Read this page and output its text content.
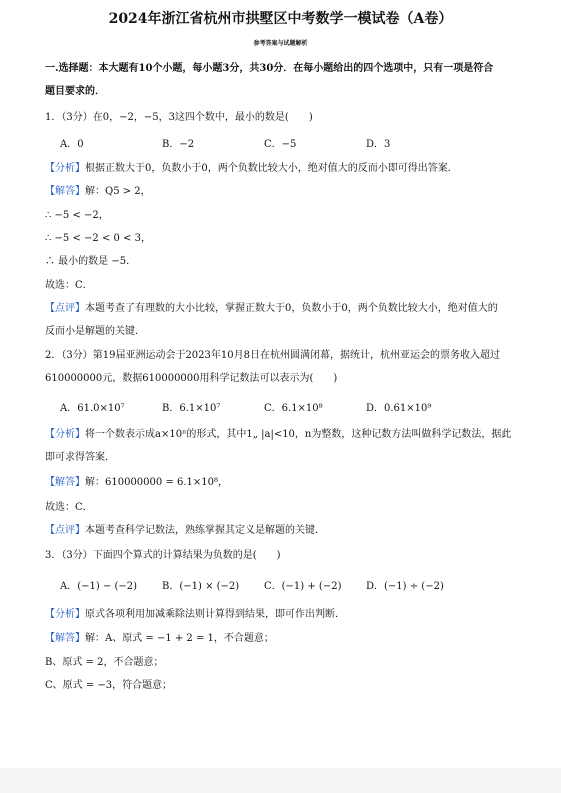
2024年浙江省杭州市拱墅区中考数学一模试卷（A卷）
参考答案与试题解析
一.选择题：本大题有10个小题，每小题3分，共30分．在每小题给出的四个选项中，只有一项是符合
题目要求的．
1．（3分）在0，−2，−5，3这四个数中，最小的数是(　　)
A．0	B．−2	C．−5	D．3
【分析】根据正数大于0，负数小于0，两个负数比较大小，绝对值大的反而小即可得出答案．
【解答】解：Q5 > 2，
∴ −5 < −2，
∴ −5 < −2 < 0 < 3，
∴ 最小的数是 −5．
故选：C．
【点评】本题考查了有理数的大小比较，掌握正数大于0，负数小于0，两个负数比较大小，绝对值大的
反而小是解题的关键．
2．（3分）第19届亚洲运动会于2023年10月8日在杭州圆满闭幕，据统计，杭州亚运会的票务收入超过
610000000元，数据610000000用科学记数法可以表示为(　　)
A．61.0×10⁷	B．6.1×10⁷	C．6.1×10⁸	D．0.61×10⁹
【分析】将一个数表示成a×10ⁿ的形式，其中1„ |a|<10，n为整数，这种记数方法叫做科学记数法，据此
即可求得答案．
【解答】解：610000000 = 6.1×10⁸，
故选：C．
【点评】本题考查科学记数法，熟练掌握其定义是解题的关键．
3．（3分）下面四个算式的计算结果为负数的是(　　)
A．(−1) − (−2) B．(−1) × (−2) C．(−1) + (−2) D．(−1) ÷ (−2)
【分析】原式各项利用加减乘除法则计算得到结果，即可作出判断．
【解答】解：A、原式 = −1 + 2 = 1，不合题意；
B、原式 = 2，不合题意；
C、原式 = −3，符合题意；
